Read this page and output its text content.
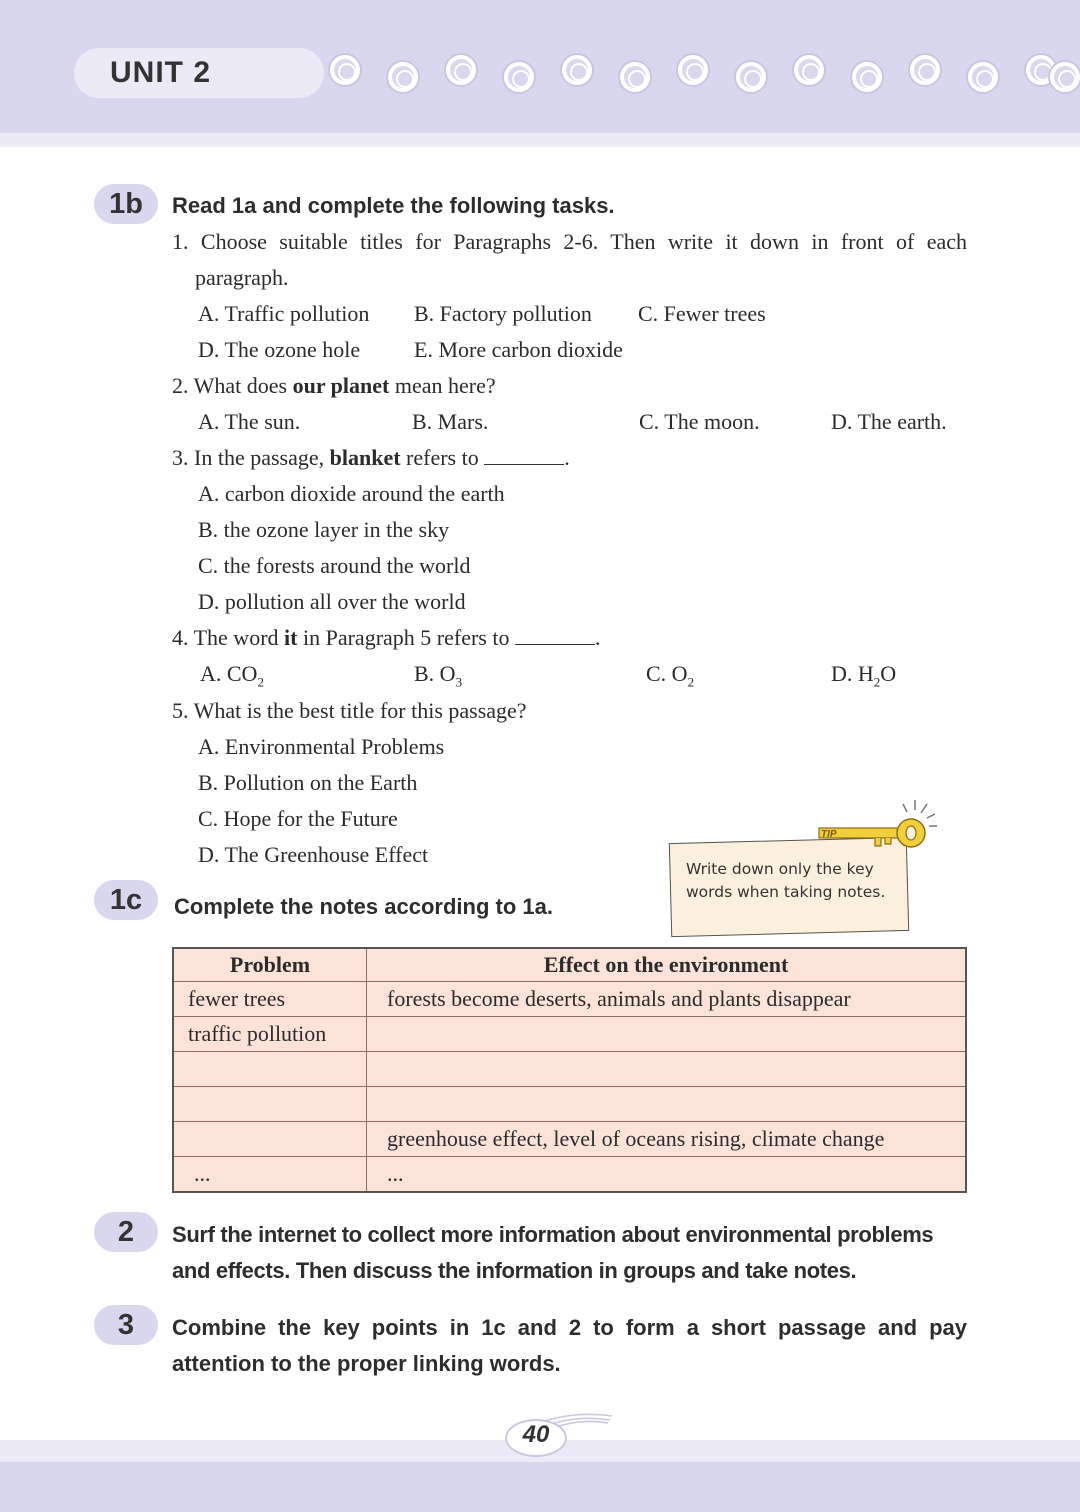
UNIT 2
1b	Read 1a and complete the following tasks.
1. Choose suitable titles for Paragraphs 2-6. Then write it down in front of each
paragraph.
A. Traffic pollution B. Factory pollution C. Fewer trees
D. The ozone hole E. More carbon dioxide
2. What does our planet mean here?
A. The sun.	B. Mars.	C. The moon.	D. The earth.
3. In the passage, blanket refers to	.
A. carbon dioxide around the earth
B. the ozone layer in the sky
C. the forests around the world
D. pollution all over the world
4. The word it in Paragraph 5 refers to	.
A. $CO_2$	B. $O_3$	C. $O_2$	D. $H_2O$
5. What is the best title for this passage?
A. Environmental Problems
B. Pollution on the Earth
C. Hope for the Future
D. The Greenhouse Effect
TIP
Write down only the key words when taking notes.
1c	Complete the notes according to 1a.
Problem	Effect on the environment
fewer trees	forests become deserts, animals and plants disappear
traffic pollution	

	greenhouse effect, level of oceans rising, climate change
...	...
2	Surf the internet to collect more information about environmental problems
and effects. Then discuss the information in groups and take notes.
3	Combine the key points in 1c and 2 to form a short passage and pay
attention to the proper linking words.
40
